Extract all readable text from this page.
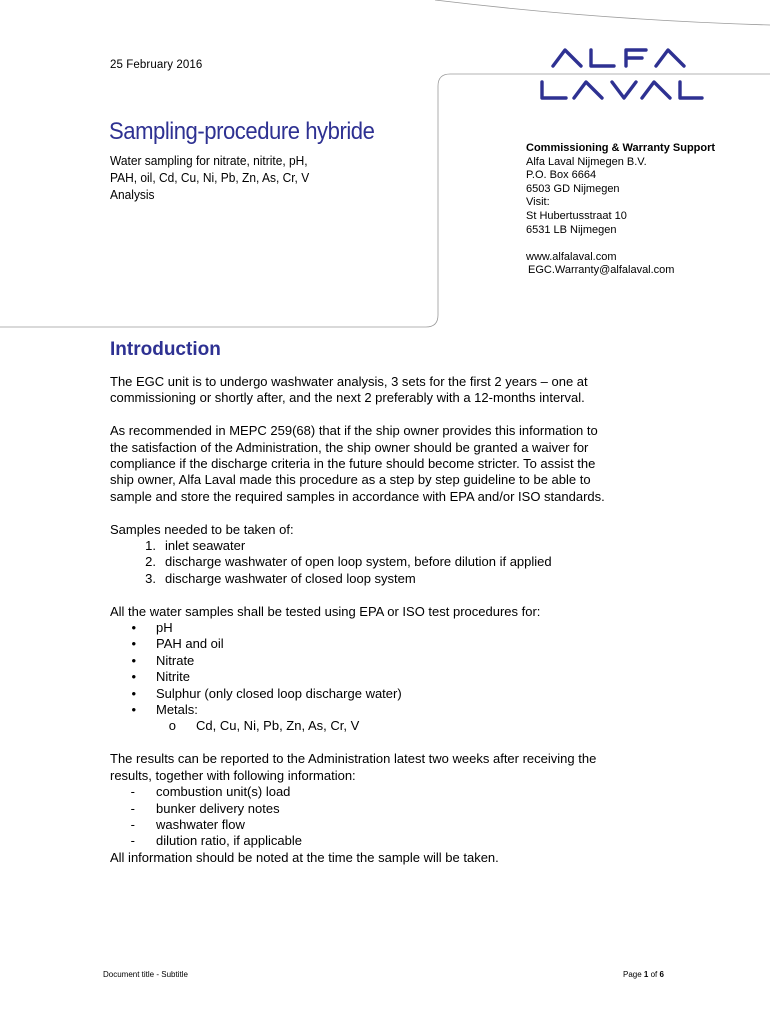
25 February 2016
Sampling-procedure hybride
Water sampling for nitrate, nitrite, pH,
PAH, oil, Cd, Cu, Ni, Pb, Zn, As, Cr, V
Analysis
Commissioning & Warranty Support
Alfa Laval Nijmegen B.V.
P.O. Box 6664
6503 GD Nijmegen
Visit:
St Hubertusstraat 10
6531 LB Nijmegen
www.alfalaval.com
EGC.Warranty@alfalaval.com
Introduction
The EGC unit is to undergo washwater analysis, 3 sets for the first 2 years – one at
commissioning or shortly after, and the next 2 preferably with a 12-months interval.
As recommended in MEPC 259(68) that if the ship owner provides this information to
the satisfaction of the Administration, the ship owner should be granted a waiver for
compliance if the discharge criteria in the future should become stricter. To assist the
ship owner, Alfa Laval made this procedure as a step by step guideline to be able to
sample and store the required samples in accordance with EPA and/or ISO standards.
Samples needed to be taken of:
1. inlet seawater
2. discharge washwater of open loop system, before dilution if applied
3. discharge washwater of closed loop system
All the water samples shall be tested using EPA or ISO test procedures for:
•	pH
•	PAH and oil
•	Nitrate
•	Nitrite
•	Sulphur (only closed loop discharge water)
•	Metals:
o	Cd, Cu, Ni, Pb, Zn, As, Cr, V
The results can be reported to the Administration latest two weeks after receiving the
results, together with following information:
-	combustion unit(s) load
-	bunker delivery notes
-	washwater flow
-	dilution ratio, if applicable
All information should be noted at the time the sample will be taken.
Document title - Subtitle	Page 1 of 6
